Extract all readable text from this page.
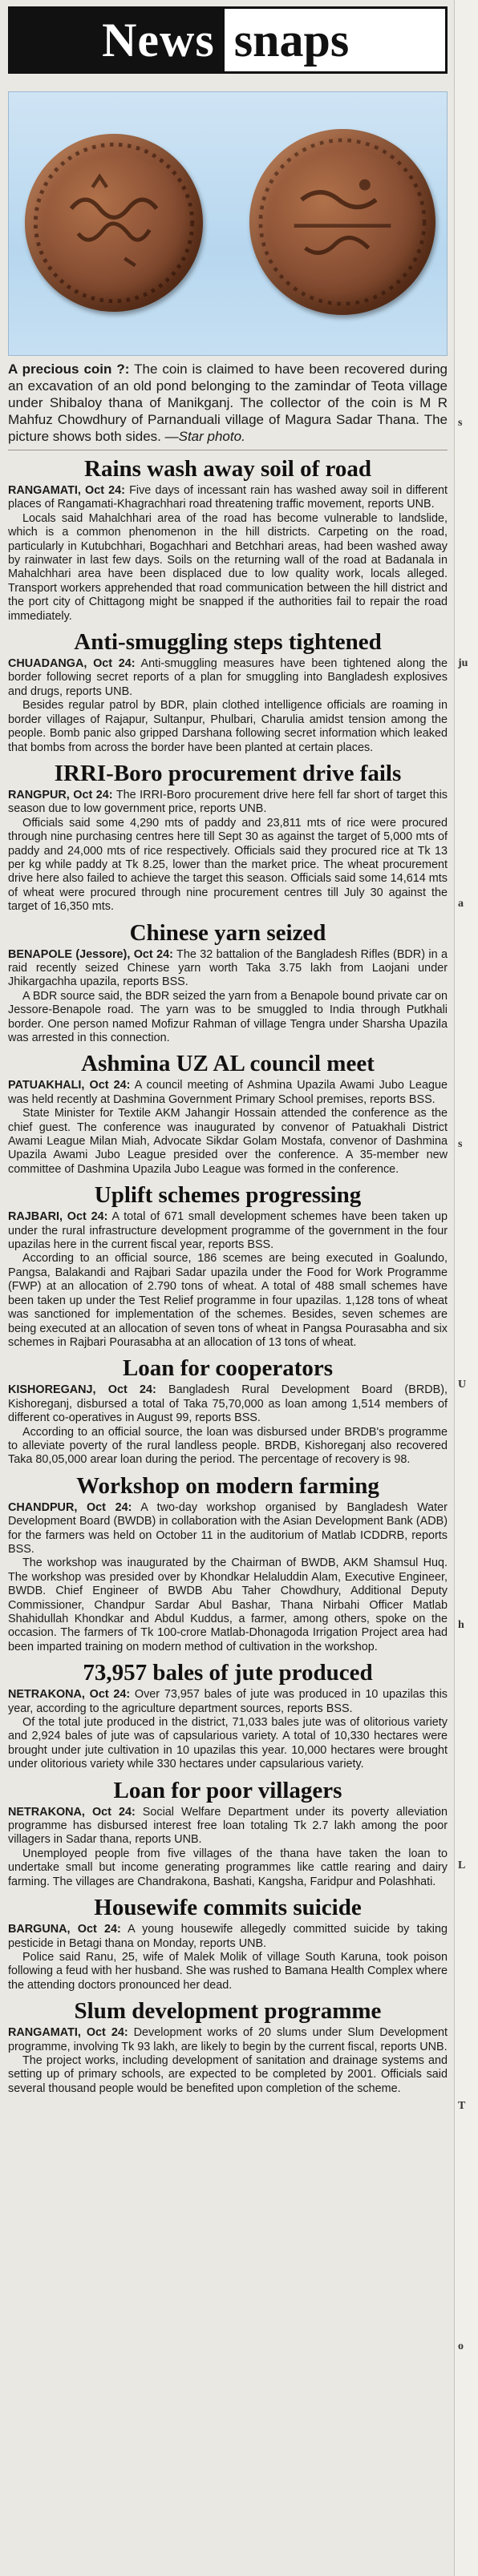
News snaps
A precious coin ?: The coin is claimed to have been recovered during an excavation of an old pond belonging to the zamindar of Teota village under Shibaloy thana of Manikganj. The collector of the coin is M R Mahfuz Chowdhury of Parnanduali village of Magura Sadar Thana. The picture shows both sides. —Star photo.
Rains wash away soil of road

RANGAMATI, Oct 24: Five days of incessant rain has washed away soil in different places of Rangamati-Khagrachhari road threatening traffic movement, reports UNB.

Locals said Mahalchhari area of the road has become vulnerable to landslide, which is a common phenomenon in the hill districts. Carpeting on the road, particularly in Kutubchhari, Bogachhari and Betchhari areas, had been washed away by rainwater in last few days. Soils on the returning wall of the road at Badanala in Mahalchhari area have been displaced due to low quality work, locals alleged. Transport workers apprehended that road communication between the hill district and the port city of Chittagong might be snapped if the authorities fail to repair the road immediately.

Anti-smuggling steps tightened

CHUADANGA, Oct 24: Anti-smuggling measures have been tightened along the border following secret reports of a plan for smuggling into Bangladesh explosives and drugs, reports UNB.

Besides regular patrol by BDR, plain clothed intelligence officials are roaming in border villages of Rajapur, Sultanpur, Phulbari, Charulia amidst tension among the people. Bomb panic also gripped Darshana following secret information which leaked that bombs from across the border have been planted at certain places.

IRRI-Boro procurement drive fails

RANGPUR, Oct 24: The IRRI-Boro procurement drive here fell far short of target this season due to low government price, reports UNB.

Officials said some 4,290 mts of paddy and 23,811 mts of rice were procured through nine purchasing centres here till Sept 30 as against the target of 5,000 mts of paddy and 24,000 mts of rice respectively. Officials said they procured rice at Tk 13 per kg while paddy at Tk 8.25, lower than the market price. The wheat procurement drive here also failed to achieve the target this season. Officials said some 14,614 mts of wheat were procured through nine procurement centres till July 30 against the target of 16,350 mts.

Chinese yarn seized

BENAPOLE (Jessore), Oct 24: The 32 battalion of the Bangladesh Rifles (BDR) in a raid recently seized Chinese yarn worth Taka 3.75 lakh from Laojani under Jhikargachha upazila, reports BSS.

A BDR source said, the BDR seized the yarn from a Benapole bound private car on Jessore-Benapole road. The yarn was to be smuggled to India through Putkhali border. One person named Mofizur Rahman of village Tengra under Sharsha Upazila was arrested in this connection.

Ashmina UZ AL council meet

PATUAKHALI, Oct 24: A council meeting of Ashmina Upazila Awami Jubo League was held recently at Dashmina Government Primary School premises, reports BSS.

State Minister for Textile AKM Jahangir Hossain attended the conference as the chief guest. The conference was inaugurated by convenor of Patuakhali District Awami League Milan Miah, Advocate Sikdar Golam Mostafa, convenor of Dashmina Upazila Awami Jubo League presided over the conference. A 35-member new committee of Dashmina Upazila Jubo League was formed in the conference.

Uplift schemes progressing

RAJBARI, Oct 24: A total of 671 small development schemes have been taken up under the rural infrastructure development programme of the government in the four upazilas here in the current fiscal year, reports BSS.

According to an official source, 186 scemes are being executed in Goalundo, Pangsa, Balakandi and Rajbari Sadar upazila under the Food for Work Programme (FWP) at an allocation of 2.790 tons of wheat. A total of 488 small schemes have been taken up under the Test Relief programme in four upazilas. 1,128 tons of wheat was sanctioned for implementation of the schemes. Besides, seven schemes are being executed at an allocation of seven tons of wheat in Pangsa Pourasabha and six schemes in Rajbari Pourasabha at an allocation of 13 tons of wheat.

Loan for cooperators

KISHOREGANJ, Oct 24: Bangladesh Rural Development Board (BRDB), Kishoreganj, disbursed a total of Taka 75,70,000 as loan among 1,514 members of different co-operatives in August 99, reports BSS.

According to an official source, the loan was disbursed under BRDB's programme to alleviate poverty of the rural landless people. BRDB, Kishoreganj also recovered Taka 80,05,000 arear loan during the period. The percentage of recovery is 98.

Workshop on modern farming

CHANDPUR, Oct 24: A two-day workshop organised by Bangladesh Water Development Board (BWDB) in collaboration with the Asian Development Bank (ADB) for the farmers was held on October 11 in the auditorium of Matlab ICDDRB, reports BSS.

The workshop was inaugurated by the Chairman of BWDB, AKM Shamsul Huq. The workshop was presided over by Khondkar Helaluddin Alam, Executive Engineer, BWDB. Chief Engineer of BWDB Abu Taher Chowdhury, Additional Deputy Commissioner, Chandpur Sardar Abul Bashar, Thana Nirbahi Officer Matlab Shahidullah Khondkar and Abdul Kuddus, a farmer, among others, spoke on the occasion. The farmers of Tk 100-crore Matlab-Dhonagoda Irrigation Project area had been imparted training on modern method of cultivation in the workshop.

73,957 bales of jute produced

NETRAKONA, Oct 24: Over 73,957 bales of jute was produced in 10 upazilas this year, according to the agriculture department sources, reports BSS.

Of the total jute produced in the district, 71,033 bales jute was of olitorious variety and 2,924 bales of jute was of capsularious variety. A total of 10,330 hectares were brought under jute cultivation in 10 upazilas this year. 10,000 hectares were brought under olitorious variety while 330 hectares under capsularious variety.

Loan for poor villagers

NETRAKONA, Oct 24: Social Welfare Department under its poverty alleviation programme has disbursed interest free loan totaling Tk 2.7 lakh among the poor villagers in Sadar thana, reports UNB.

Unemployed people from five villages of the thana have taken the loan to undertake small but income generating programmes like cattle rearing and dairy farming. The villages are Chandrakona, Bashati, Kangsha, Faridpur and Polashhati.

Housewife commits suicide

BARGUNA, Oct 24: A young housewife allegedly committed suicide by taking pesticide in Betagi thana on Monday, reports UNB.

Police said Ranu, 25, wife of Malek Molik of village South Karuna, took poison following a feud with her husband. She was rushed to Bamana Health Complex where the attending doctors pronounced her dead.

Slum development programme

RANGAMATI, Oct 24: Development works of 20 slums under Slum Development programme, involving Tk 93 lakh, are likely to begin by the current fiscal, reports UNB.

The project works, including development of sanitation and drainage systems and setting up of primary schools, are expected to be completed by 2001. Officials said several thousand people would be benefited upon completion of the scheme.

s
ju
a
s
U
h
L
T
o
